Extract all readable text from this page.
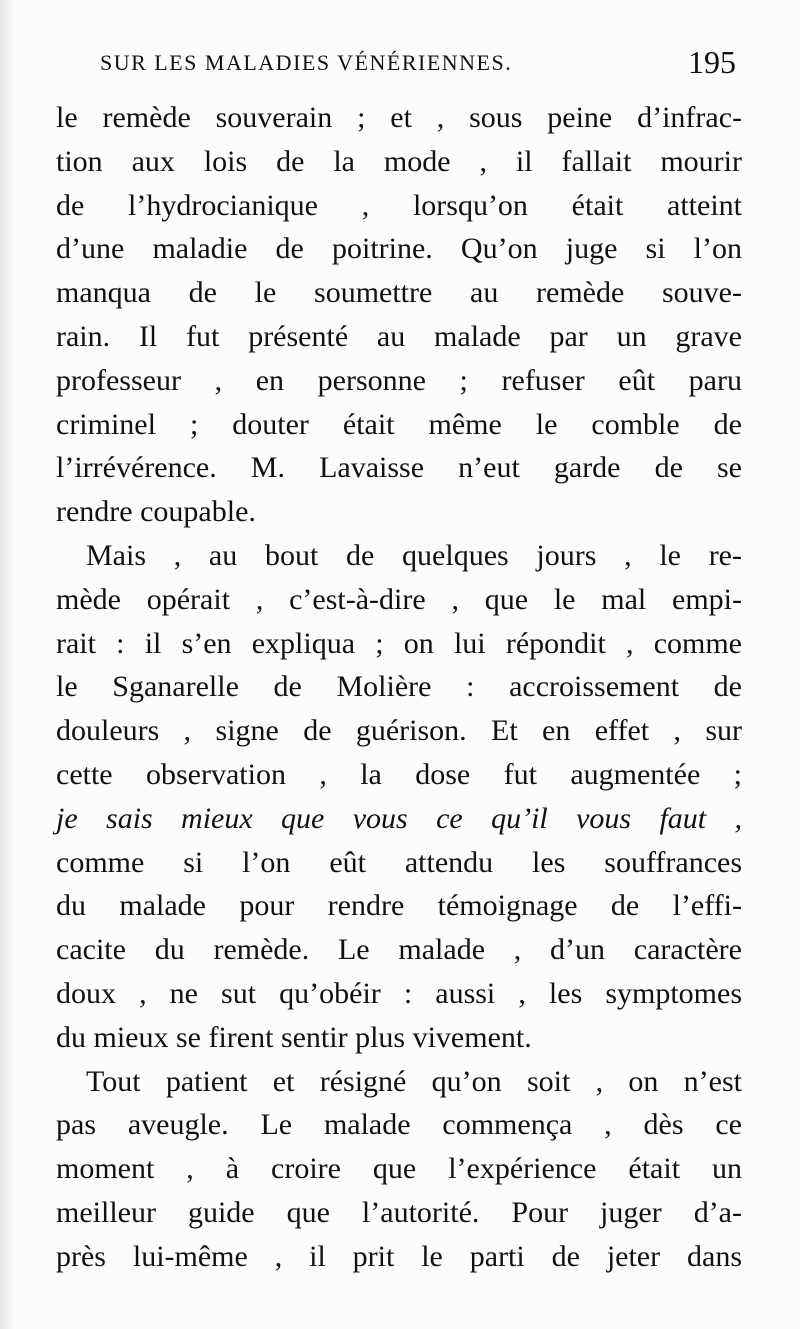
SUR LES MALADIES VÉNÉRIENNES.	195
le remède souverain ; et , sous peine d’infrac-
tion aux lois de la mode , il fallait mourir
de l’hydrocianique , lorsqu’on était atteint
d’une maladie de poitrine. Qu’on juge si l’on
manqua de le soumettre au remède souve-
rain. Il fut présenté au malade par un grave
professeur , en personne ; refuser eût paru
criminel ; douter était même le comble de
l’irrévérence. M. Lavaisse n’eut garde de se
rendre coupable.
Mais , au bout de quelques jours , le re-
mède opérait , c’est-à-dire , que le mal empi-
rait : il s’en expliqua ; on lui répondit , comme
le Sganarelle de Molière : accroissement de
douleurs , signe de guérison. Et en effet , sur
cette observation , la dose fut augmentée ;
je sais mieux que vous ce qu’il vous faut ,
comme si l’on eût attendu les souffrances
du malade pour rendre témoignage de l’effi-
cacite du remède. Le malade , d’un caractère
doux , ne sut qu’obéir : aussi , les symptomes
du mieux se firent sentir plus vivement.
Tout patient et résigné qu’on soit , on n’est
pas aveugle. Le malade commença , dès ce
moment , à croire que l’expérience était un
meilleur guide que l’autorité. Pour juger d’a-
près lui-même , il prit le parti de jeter dans
